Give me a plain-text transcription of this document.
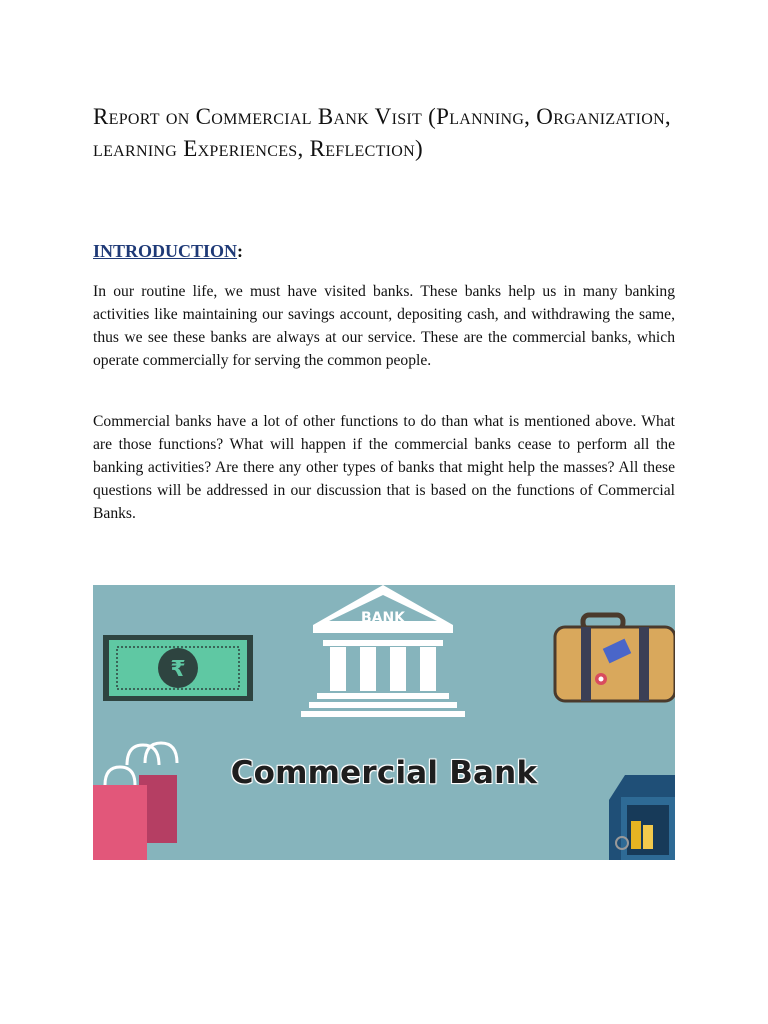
Report on Commercial Bank Visit (Planning, Organization, learning Experiences, Reflection)
INTRODUCTION:

In our routine life, we must have visited banks. These banks help us in many banking activities like maintaining our savings account, depositing cash, and withdrawing the same, thus we see these banks are always at our service. These are the commercial banks, which operate commercially for serving the common people.

Commercial banks have a lot of other functions to do than what is mentioned above. What are those functions? What will happen if the commercial banks cease to perform all the banking activities? Are there any other types of banks that might help the masses? All these questions will be addressed in our discussion that is based on the functions of Commercial Banks.

₹
BANK
Commercial Bank
